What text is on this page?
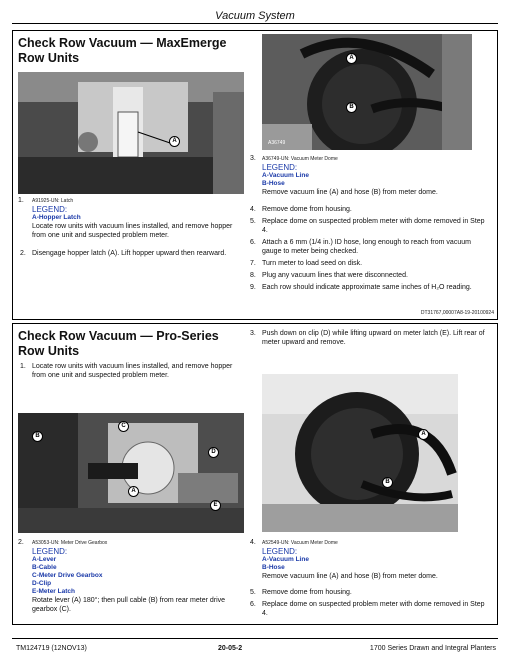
Vacuum System
Check Row Vacuum — MaxEmerge Row Units
A
1. A91925-UN: Latch
LEGEND:
A-Hopper Latch
Locate row units with vacuum lines installed, and remove hopper from one unit and suspected problem meter.
2. Disengage hopper latch (A). Lift hopper upward then rearward.
A
B
A36749
3. A36749-UN: Vacuum Meter Dome
LEGEND:
A-Vacuum Line
B-Hose
Remove vacuum line (A) and hose (B) from meter dome.
4. Remove dome from housing.
5. Replace dome on suspected problem meter with dome removed in Step 4.
6. Attach a 6 mm (1/4 in.) ID hose, long enough to reach from vacuum gauge to meter being checked.
7. Turn meter to load seed on disk.
8. Plug any vacuum lines that were disconnected.
9. Each row should indicate approximate same inches of H₂O reading.
DT31767,00007A8-19-20100924
Check Row Vacuum — Pro-Series Row Units
1. Locate row units with vacuum lines installed, and remove hopper from one unit and suspected problem meter.
B
C
D
A
E
2. A53053-UN: Meter Drive Gearbox
LEGEND:
A-Lever
B-Cable
C-Meter Drive Gearbox
D-Clip
E-Meter Latch
Rotate lever (A) 180°; then pull cable (B) from rear meter drive gearbox (C).
3. Push down on clip (D) while lifting upward on meter latch (E). Lift rear of meter upward and remove.
A
B
4. A52549-UN: Vacuum Meter Dome
LEGEND:
A-Vacuum Line
B-Hose
Remove vacuum line (A) and hose (B) from meter dome.
5. Remove dome from housing.
6. Replace dome on suspected problem meter with dome removed in Step 4.
TM124719 (12NOV13)	20-05-2	1700 Series Drawn and Integral Planters
